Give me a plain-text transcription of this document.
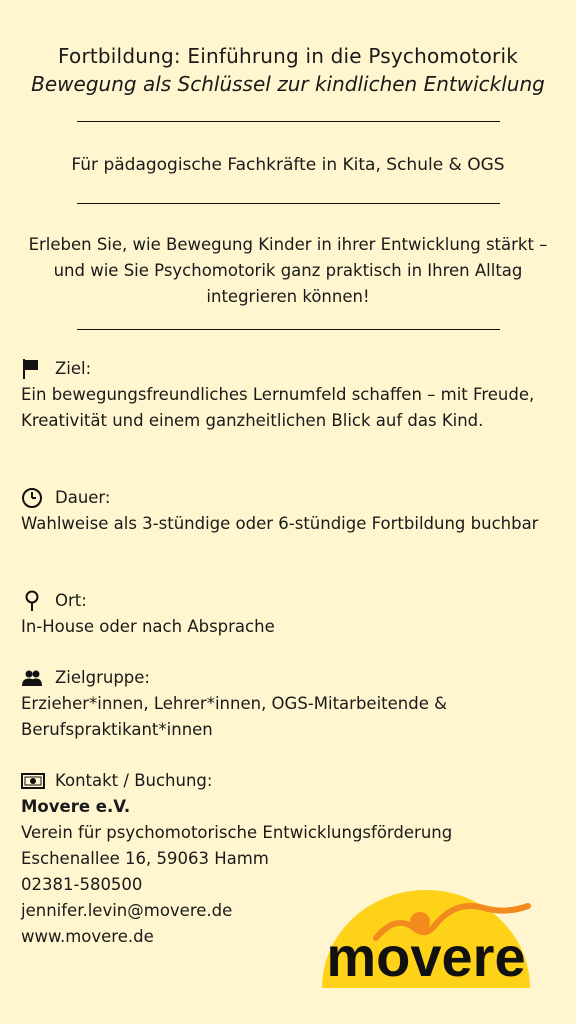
Fortbildung: Einführung in die Psychomotorik
Bewegung als Schlüssel zur kindlichen Entwicklung
Für pädagogische Fachkräfte in Kita, Schule & OGS
Erleben Sie, wie Bewegung Kinder in ihrer Entwicklung stärkt – und wie Sie Psychomotorik ganz praktisch in Ihren Alltag integrieren können!
Ziel:
Ein bewegungsfreundliches Lernumfeld schaffen – mit Freude, Kreativität und einem ganzheitlichen Blick auf das Kind.
Dauer:
Wahlweise als 3-stündige oder 6-stündige Fortbildung buchbar
Ort:
In-House oder nach Absprache
Zielgruppe:
Erzieher*innen, Lehrer*innen, OGS-Mitarbeitende & Berufspraktikant*innen
Kontakt / Buchung:
Movere e.V.
Verein für psychomotorische Entwicklungsförderung
Eschenallee 16, 59063 Hamm
02381-580500
jennifer.levin@movere.de
www.movere.de	movere
